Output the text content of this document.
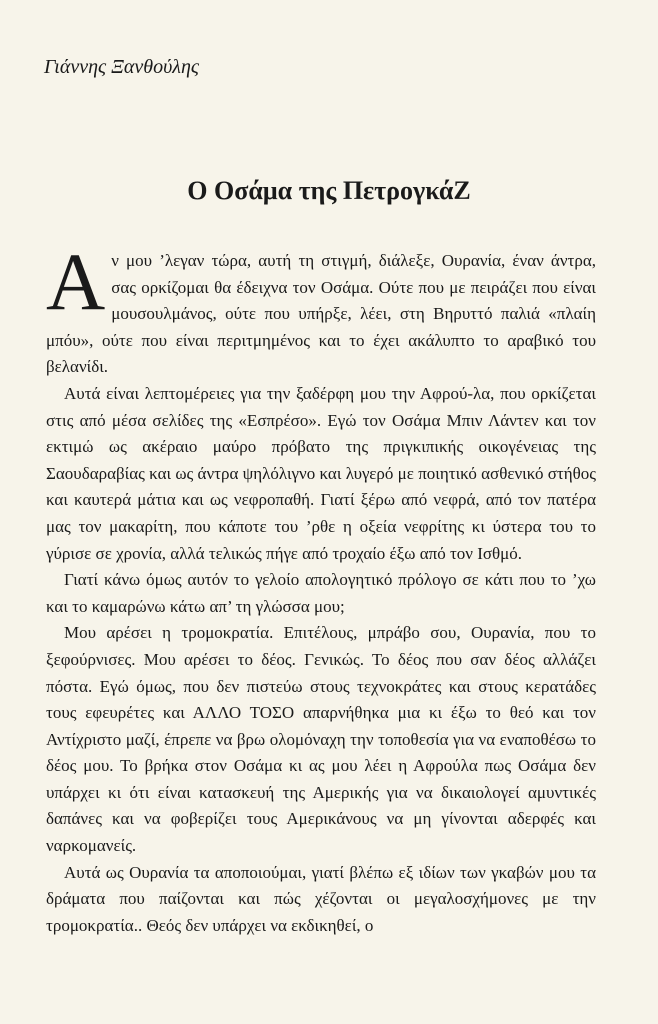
Γιάννης Ξανθούλης
Ο Οσάμα της ΠετρογκάΖ

Αν μου ’λεγαν τώρα, αυτή τη στιγμή, διάλεξε, Ουρανία, έναν άντρα, σας ορκίζομαι θα έδειχνα τον Οσάμα. Ούτε που με πειράζει που είναι μουσουλμάνος, ούτε που υπήρξε, λέει, στη Βηρυττό παλιά «πλαίη μπόυ», ούτε που είναι περιτμημένος και το έχει ακάλυπτο το αραβικό του βελανίδι.

Αυτά είναι λεπτομέρειες για την ξαδέρφη μου την Αφρού-λα, που ορκίζεται στις από μέσα σελίδες της «Εσπρέσο». Εγώ τον Οσάμα Μπιν Λάντεν και τον εκτιμώ ως ακέραιο μαύρο πρόβατο της πριγκιπικής οικογένειας της Σαουδαραβίας και ως άντρα ψηλόλιγνο και λυγερό με ποιητικό ασθενικό στήθος και καυτερά μάτια και ως νεφροπαθή. Γιατί ξέρω από νεφρά, από τον πατέρα μας τον μακαρίτη, που κάποτε του ’ρθε η οξεία νεφρίτης κι ύστερα του το γύρισε σε χρονία, αλλά τελικώς πήγε από τροχαίο έξω από τον Ισθμό.

Γιατί κάνω όμως αυτόν το γελοίο απολογητικό πρόλογο σε κάτι που το ’χω και το καμαρώνω κάτω απ’ τη γλώσσα μου;

Μου αρέσει η τρομοκρατία. Επιτέλους, μπράβο σου, Ουρανία, που το ξεφούρνισες. Μου αρέσει το δέος. Γενικώς. Το δέος που σαν δέος αλλάζει πόστα. Εγώ όμως, που δεν πιστεύω στους τεχνοκράτες και στους κερατάδες τους εφευρέτες και ΑΛΛΟ ΤΟΣΟ απαρνήθηκα μια κι έξω το θεό και τον Αντίχριστο μαζί, έπρεπε να βρω ολομόναχη την τοποθεσία για να εναποθέσω το δέος μου. Το βρήκα στον Οσάμα κι ας μου λέει η Αφρούλα πως Οσάμα δεν υπάρχει κι ότι είναι κατασκευή της Αμερικής για να δικαιολογεί αμυντικές δαπάνες και να φοβερίζει τους Αμερικάνους να μη γίνονται αδερφές και ναρκομανείς.

Αυτά ως Ουρανία τα αποποιούμαι, γιατί βλέπω εξ ιδίων των γκαβών μου τα δράματα που παίζονται και πώς χέζονται οι μεγαλοσχήμονες με την τρομοκρατία.. Θεός δεν υπάρχει να εκδικηθεί, ο
